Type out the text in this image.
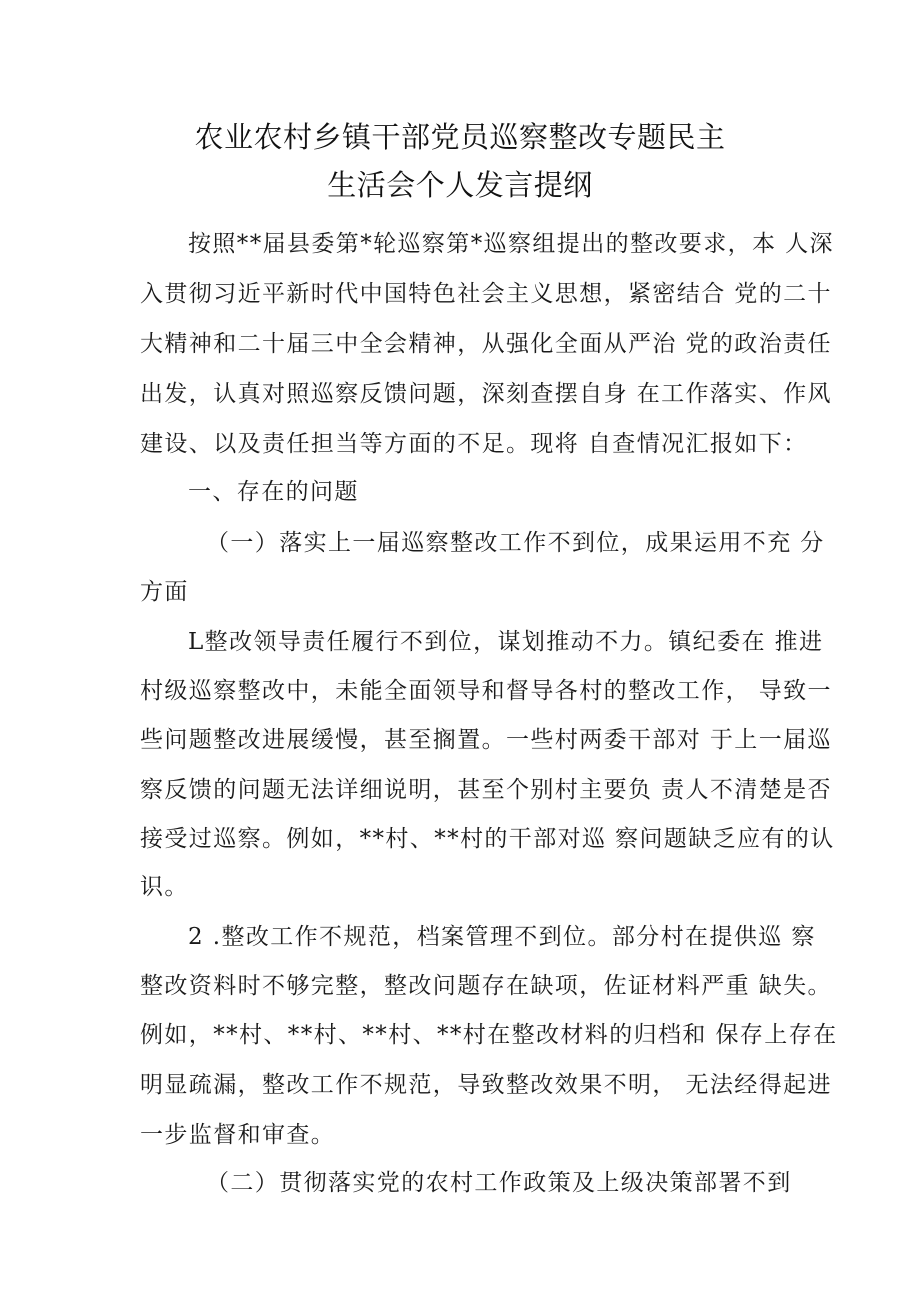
农业农村乡镇干部党员巡察整改专题民主
生活会个人发言提纲
按照**届县委第*轮巡察第*巡察组提出的整改要求，本 人深
入贯彻习近平新时代中国特色社会主义思想，紧密结合 党的二十
大精神和二十届三中全会精神，从强化全面从严治 党的政治责任
出发，认真对照巡察反馈问题，深刻查摆自身 在工作落实、作风
建设、以及责任担当等方面的不足。现将 自查情况汇报如下：
一、存在的问题
（一）落实上一届巡察整改工作不到位，成果运用不充 分
方面
L整改领导责任履行不到位，谋划推动不力。镇纪委在 推进
村级巡察整改中，未能全面领导和督导各村的整改工作， 导致一
些问题整改进展缓慢，甚至搁置。一些村两委干部对 于上一届巡
察反馈的问题无法详细说明，甚至个别村主要负 责人不清楚是否
接受过巡察。例如，**村、**村的干部对巡 察问题缺乏应有的认
识。
2 .整改工作不规范，档案管理不到位。部分村在提供巡 察
整改资料时不够完整，整改问题存在缺项，佐证材料严重 缺失。
例如，**村、**村、**村、**村在整改材料的归档和 保存上存在
明显疏漏，整改工作不规范，导致整改效果不明， 无法经得起进
一步监督和审查。
（二）贯彻落实党的农村工作政策及上级决策部署不到
